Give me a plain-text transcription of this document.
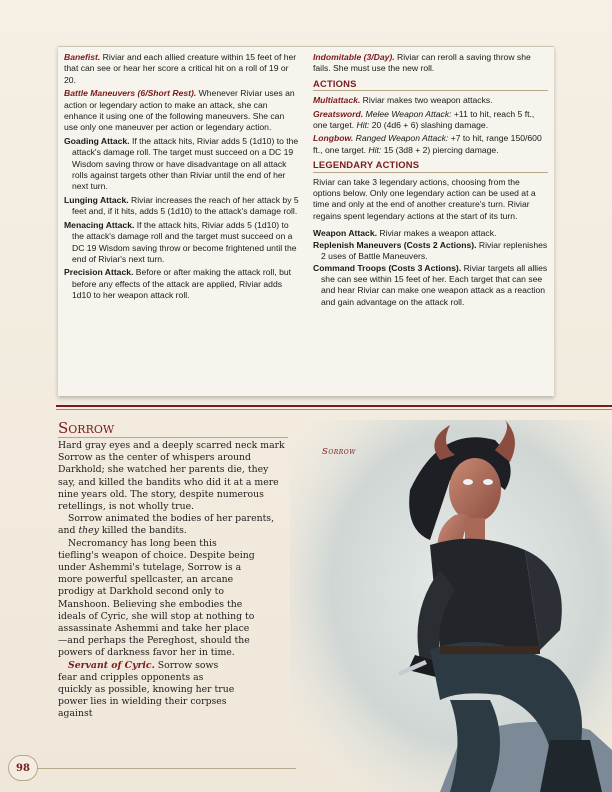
Banefist. Riviar and each allied creature within 15 feet of her that can see or hear her score a critical hit on a roll of 19 or 20.

Battle Maneuvers (6/Short Rest). Whenever Riviar uses an action or legendary action to make an attack, she can enhance it using one of the following maneuvers. She can use only one maneuver per action or legendary action.

Goading Attack. If the attack hits, Riviar adds 5 (1d10) to the attack's damage roll. The target must succeed on a DC 19 Wisdom saving throw or have disadvantage on all attack rolls against targets other than Riviar until the end of her next turn.

Lunging Attack. Riviar increases the reach of her attack by 5 feet and, if it hits, adds 5 (1d10) to the attack's damage roll.

Menacing Attack. If the attack hits, Riviar adds 5 (1d10) to the attack's damage roll and the target must succeed on a DC 19 Wisdom saving throw or become frightened until the end of Riviar's next turn.

Precision Attack. Before or after making the attack roll, but before any effects of the attack are applied, Riviar adds 1d10 to her weapon attack roll.

Indomitable (3/Day). Riviar can reroll a saving throw she fails. She must use the new roll.

ACTIONS

Multiattack. Riviar makes two weapon attacks.

Greatsword. Melee Weapon Attack: +11 to hit, reach 5 ft., one target. Hit: 20 (4d6 + 6) slashing damage.

Longbow. Ranged Weapon Attack: +7 to hit, range 150/600 ft., one target. Hit: 15 (3d8 + 2) piercing damage.

LEGENDARY ACTIONS

Riviar can take 3 legendary actions, choosing from the options below. Only one legendary action can be used at a time and only at the end of another creature's turn. Riviar regains spent legendary actions at the start of its turn.

Weapon Attack. Riviar makes a weapon attack.

Replenish Maneuvers (Costs 2 Actions). Riviar replenishes 2 uses of Battle Maneuvers.

Command Troops (Costs 3 Actions). Riviar targets all allies she can see within 15 feet of her. Each target that can see and hear Riviar can make one weapon attack as a reaction and gain advantage on the attack roll.

Sorrow

Hard gray eyes and a deeply scarred neck mark Sorrow as the center of whispers around Darkhold; she watched her parents die, they say, and killed the bandits who did it at a mere nine years old. The story, despite numerous retellings, is not wholly true.

Sorrow animated the bodies of her parents, and they killed the bandits.

Necromancy has long been this tiefling's weapon of choice. Despite being under Ashemmi's tutelage, Sorrow is a more powerful spellcaster, an arcane prodigy at Darkhold second only to Manshoon. Believing she embodies the ideals of Cyric, she will stop at nothing to assassinate Ashemmi and take her place—and perhaps the Pereghost, should the powers of darkness favor her in time.

Servant of Cyric. Sorrow sows fear and cripples opponents as quickly as possible, knowing her true power lies in wielding their corpses against

Sorrow
98
